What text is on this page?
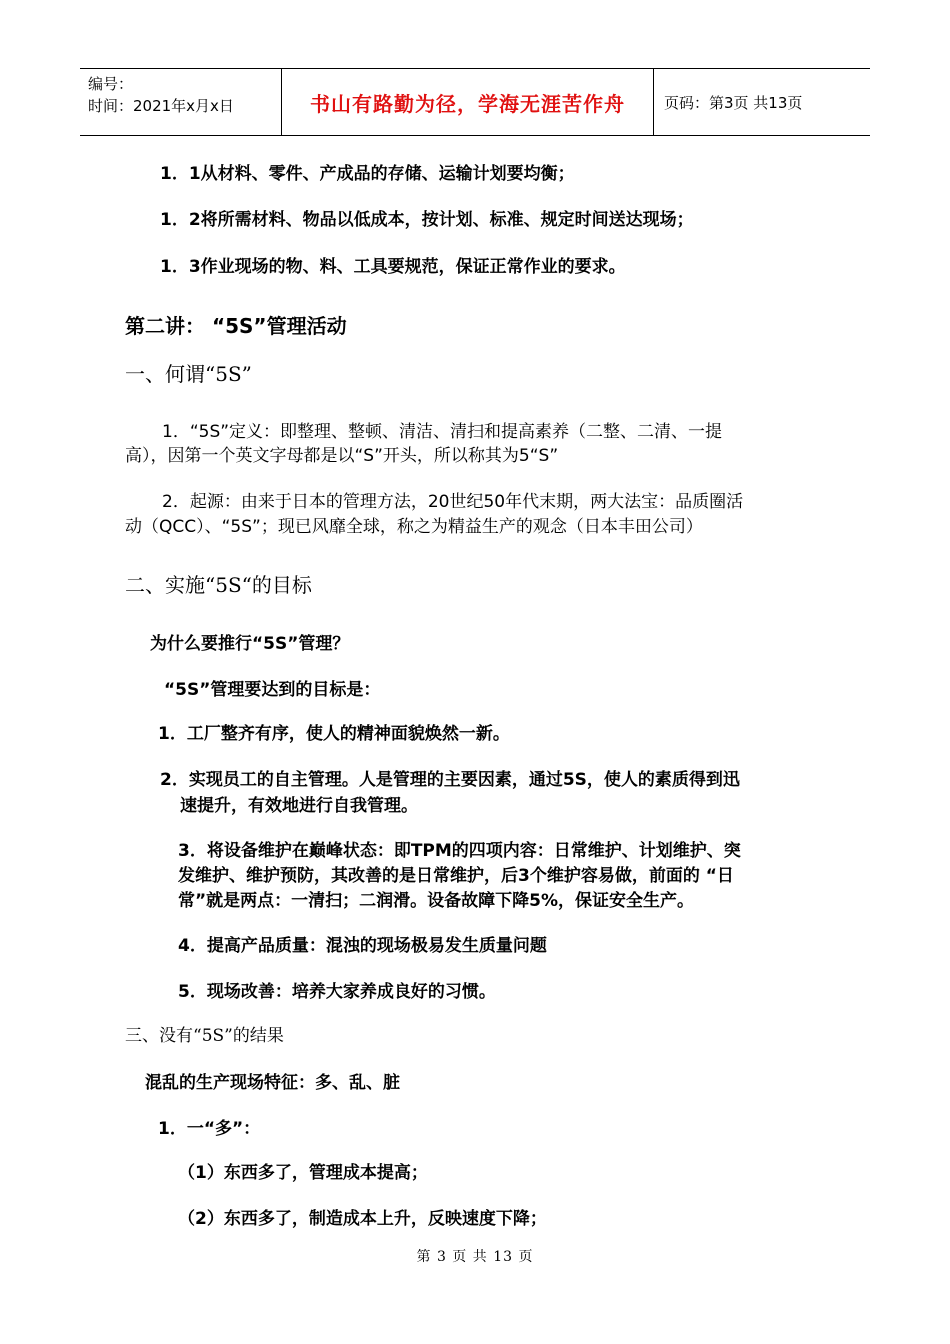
编号：
时间：2021年x月x日	书山有路勤为径，学海无涯苦作舟	页码：第3页 共13页
1．1从材料、零件、产成品的存储、运输计划要均衡；
1．2将所需材料、物品以低成本，按计划、标准、规定时间送达现场；
1．3作业现场的物、料、工具要规范，保证正常作业的要求。
第二讲： “5S”管理活动
一、何谓“5S”
1．“5S”定义：即整理、整顿、清洁、清扫和提高素养（二整、二清、一提
高），因第一个英文字母都是以“S”开头，所以称其为5“S”
2．起源：由来于日本的管理方法，20世纪50年代末期，两大法宝：品质圈活
动（QCC）、“5S”；现已风靡全球，称之为精益生产的观念（日本丰田公司）
二、实施“5S“的目标
为什么要推行“5S”管理？
“5S”管理要达到的目标是：
1．工厂整齐有序，使人的精神面貌焕然一新。
2．实现员工的自主管理。人是管理的主要因素，通过5S，使人的素质得到迅
速提升，有效地进行自我管理。
3．将设备维护在巅峰状态：即TPM的四项内容：日常维护、计划维护、突
发维护、维护预防，其改善的是日常维护，后3个维护容易做，前面的 “日
常”就是两点：一清扫；二润滑。设备故障下降5%，保证安全生产。
4．提高产品质量：混浊的现场极易发生质量问题
5．现场改善：培养大家养成良好的习惯。
三、没有“5S”的结果
混乱的生产现场特征：多、乱、脏
1．一“多”：
（1）东西多了，管理成本提高；
（2）东西多了，制造成本上升，反映速度下降；
第 3 页 共 13 页
